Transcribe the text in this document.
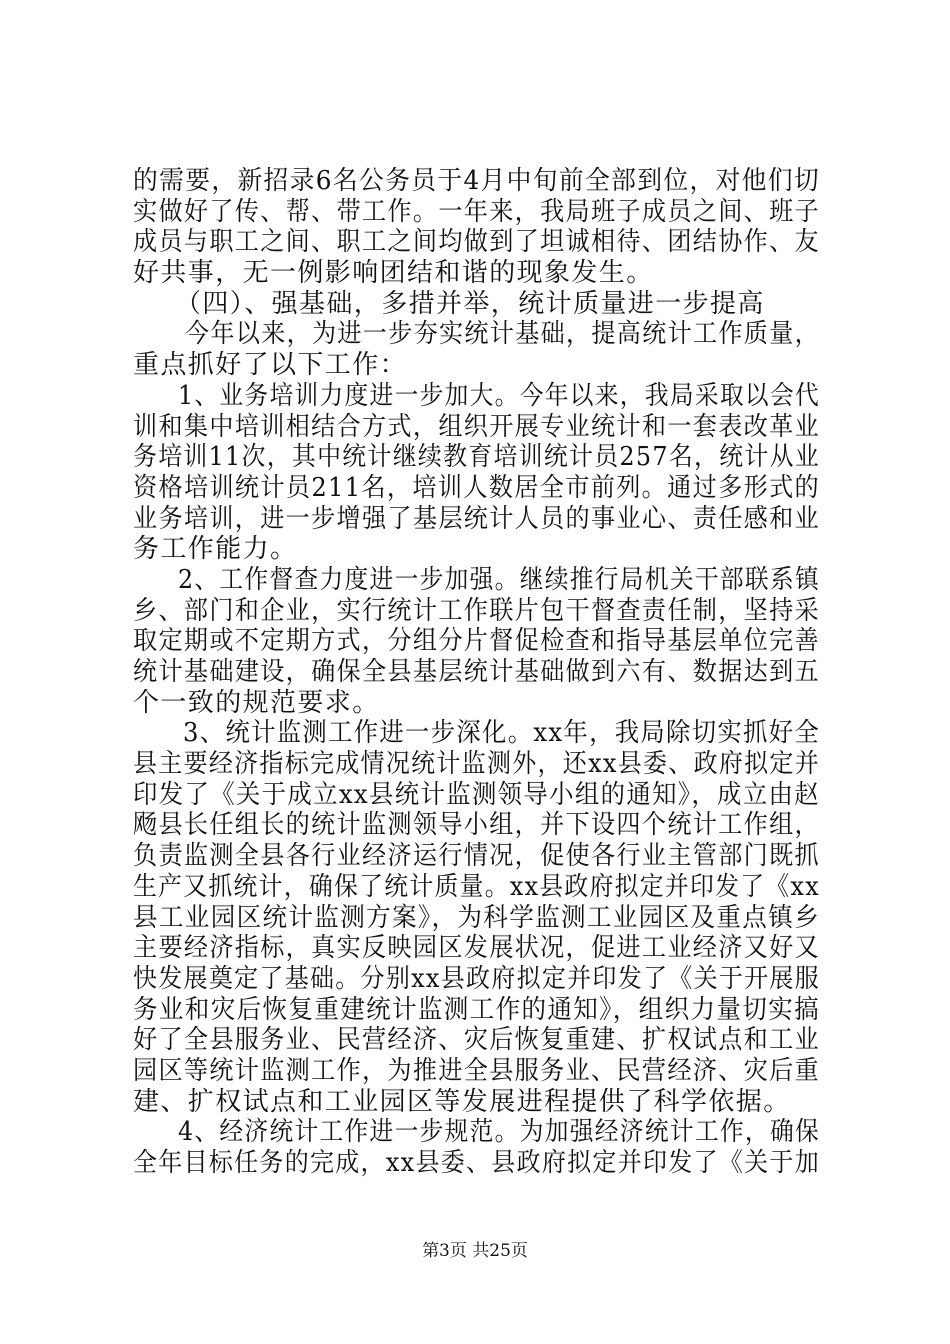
的需要，新招录6名公务员于4月中旬前全部到位，对他们切
实做好了传、帮、带工作。一年来，我局班子成员之间、班子
成员与职工之间、职工之间均做到了坦诚相待、团结协作、友
好共事，无一例影响团结和谐的现象发生。
（四）、强基础，多措并举，统计质量进一步提高
今年以来，为进一步夯实统计基础，提高统计工作质量，
重点抓好了以下工作：
1、业务培训力度进一步加大。今年以来，我局采取以会代
训和集中培训相结合方式，组织开展专业统计和一套表改革业
务培训11次，其中统计继续教育培训统计员257名，统计从业
资格培训统计员211名，培训人数居全市前列。通过多形式的
业务培训，进一步增强了基层统计人员的事业心、责任感和业
务工作能力。
2、工作督查力度进一步加强。继续推行局机关干部联系镇
乡、部门和企业，实行统计工作联片包干督查责任制，坚持采
取定期或不定期方式，分组分片督促检查和指导基层单位完善
统计基础建设，确保全县基层统计基础做到六有、数据达到五
个一致的规范要求。
3、统计监测工作进一步深化。xx年，我局除切实抓好全
县主要经济指标完成情况统计监测外，还xx县委、政府拟定并
印发了《关于成立xx县统计监测领导小组的通知》，成立由赵
飏县长任组长的统计监测领导小组，并下设四个统计工作组，
负责监测全县各行业经济运行情况，促使各行业主管部门既抓
生产又抓统计，确保了统计质量。xx县政府拟定并印发了《xx
县工业园区统计监测方案》，为科学监测工业园区及重点镇乡
主要经济指标，真实反映园区发展状况，促进工业经济又好又
快发展奠定了基础。分别xx县政府拟定并印发了《关于开展服
务业和灾后恢复重建统计监测工作的通知》，组织力量切实搞
好了全县服务业、民营经济、灾后恢复重建、扩权试点和工业
园区等统计监测工作，为推进全县服务业、民营经济、灾后重
建、扩权试点和工业园区等发展进程提供了科学依据。
4、经济统计工作进一步规范。为加强经济统计工作，确保
全年目标任务的完成，xx县委、县政府拟定并印发了《关于加
第3页 共25页
